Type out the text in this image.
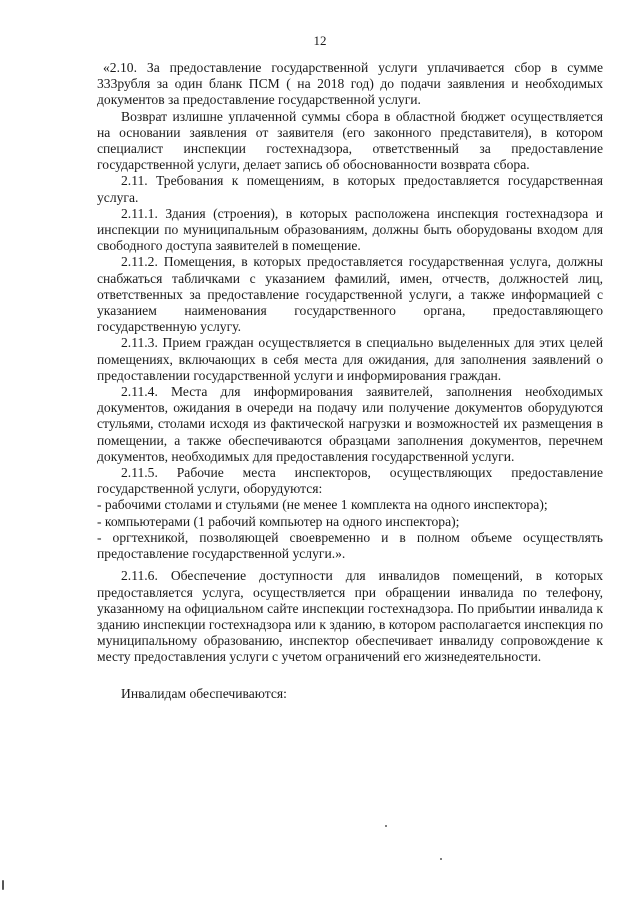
12

«2.10. За предоставление государственной услуги уплачивается сбор в сумме 333рубля за один бланк ПСМ ( на 2018 год) до подачи заявления и необходимых документов за предоставление государственной услуги.

Возврат излишне уплаченной суммы сбора в областной бюджет осуществляется на основании заявления от заявителя (его законного представителя), в котором специалист инспекции гостехнадзора, ответственный за предоставление государственной услуги, делает запись об обоснованности возврата сбора.

2.11. Требования к помещениям, в которых предоставляется государственная услуга.

2.11.1. Здания (строения), в которых расположена инспекция гостехнадзора и инспекции по муниципальным образованиям, должны быть оборудованы входом для свободного доступа заявителей в помещение.

2.11.2. Помещения, в которых предоставляется государственная услуга, должны снабжаться табличками с указанием фамилий, имен, отчеств, должностей лиц, ответственных за предоставление государственной услуги, а также информацией с указанием наименования государственного органа, предоставляющего государственную услугу.

2.11.3. Прием граждан осуществляется в специально выделенных для этих целей помещениях, включающих в себя места для ожидания, для заполнения заявлений о предоставлении государственной услуги и информирования граждан.

2.11.4. Места для информирования заявителей, заполнения необходимых документов, ожидания в очереди на подачу или получение документов оборудуются стульями, столами исходя из фактической нагрузки и возможностей их размещения в помещении, а также обеспечиваются образцами заполнения документов, перечнем документов, необходимых для предоставления государственной услуги.

2.11.5. Рабочие места инспекторов, осуществляющих предоставление государственной услуги, оборудуются:

- рабочими столами и стульями (не менее 1 комплекта на одного инспектора);

- компьютерами (1 рабочий компьютер на одного инспектора);

- оргтехникой, позволяющей своевременно и в полном объеме осуществлять предоставление государственной услуги.».

2.11.6. Обеспечение доступности для инвалидов помещений, в которых предоставляется услуга, осуществляется при обращении инвалида по телефону, указанному на официальном сайте инспекции гостехнадзора. По прибытии инвалида к зданию инспекции гостехнадзора или к зданию, в котором располагается инспекция по муниципальному образованию, инспектор обеспечивает инвалиду сопровождение к месту предоставления услуги с учетом ограничений его жизнедеятельности.

Инвалидам обеспечиваются:
